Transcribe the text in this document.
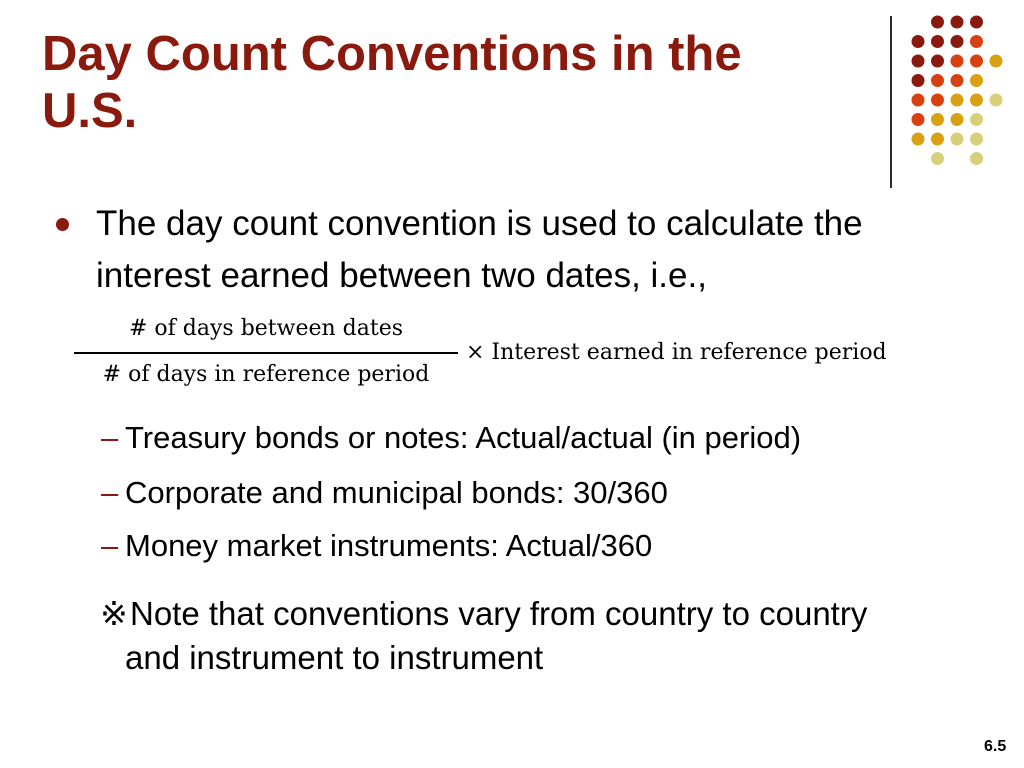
Day Count Conventions in the U.S.

The day count convention is used to calculate the interest earned between two dates, i.e.,

# of days between dates
# of days in reference period
× Interest earned in reference period
– Treasury bonds or notes: Actual/actual (in period)
– Corporate and municipal bonds: 30/360
– Money market instruments: Actual/360
※Note that conventions vary from country to country
and instrument to instrument
6.5
